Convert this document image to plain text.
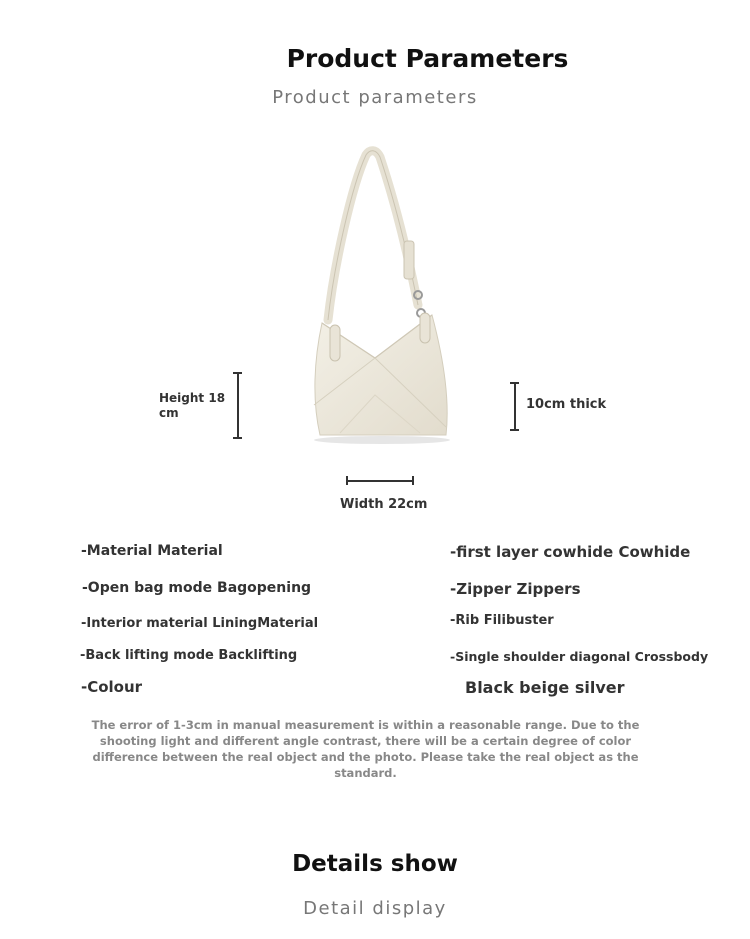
Product Parameters
Product parameters
Height 18 cm
10cm thick
Width 22cm
-Material Material	-first layer cowhide Cowhide
-Open bag mode Bagopening	-Zipper Zippers
-Interior material LiningMaterial	-Rib Filibuster
-Back lifting mode Backlifting	-Single shoulder diagonal Crossbody
-Colour	Black beige silver
The error of 1-3cm in manual measurement is within a reasonable range. Due to the shooting light and different angle contrast, there will be a certain degree of color difference between the real object and the photo. Please take the real object as the standard.
Details show
Detail display
